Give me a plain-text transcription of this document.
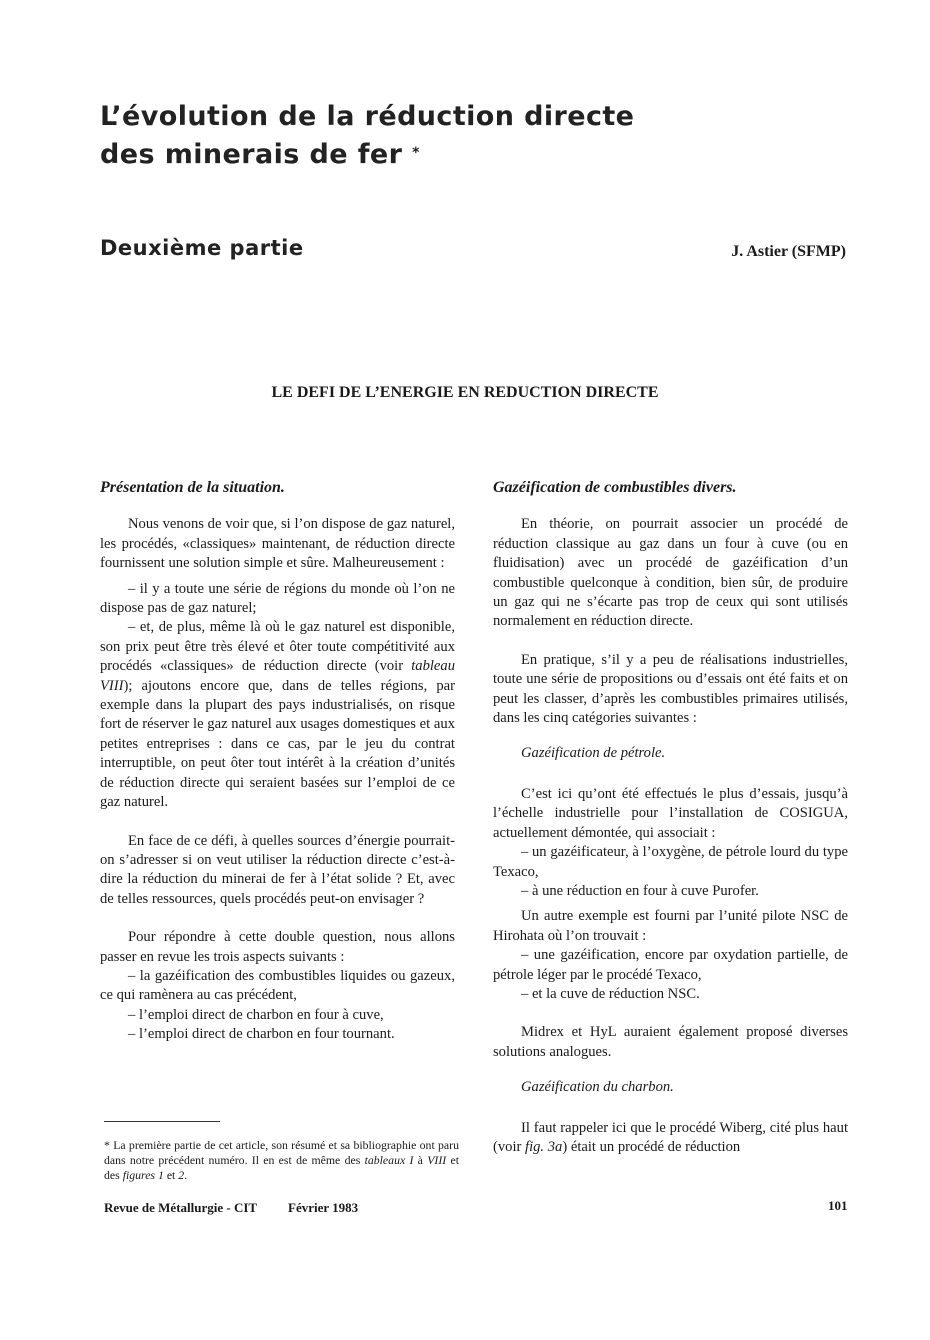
L’évolution de la réduction directe
des minerais de fer *
Deuxième partie	J. Astier (SFMP)
LE DEFI DE L’ENERGIE EN REDUCTION DIRECTE
Présentation de la situation.

Nous venons de voir que, si l’on dispose de gaz naturel, les procédés, «classiques» maintenant, de réduction directe fournissent une solution simple et sûre. Malheureusement :

– il y a toute une série de régions du monde où l’on ne dispose pas de gaz naturel;

– et, de plus, même là où le gaz naturel est disponible, son prix peut être très élevé et ôter toute compétitivité aux procédés «classiques» de réduction directe (voir tableau VIII); ajoutons encore que, dans de telles régions, par exemple dans la plupart des pays industrialisés, on risque fort de réserver le gaz naturel aux usages domestiques et aux petites entreprises : dans ce cas, par le jeu du contrat interruptible, on peut ôter tout intérêt à la création d’unités de réduction directe qui seraient basées sur l’emploi de ce gaz naturel.

En face de ce défi, à quelles sources d’énergie pourrait-on s’adresser si on veut utiliser la réduction directe c’est-à-dire la réduction du minerai de fer à l’état solide ? Et, avec de telles ressources, quels procédés peut-on envisager ?

Pour répondre à cette double question, nous allons passer en revue les trois aspects suivants :

– la gazéification des combustibles liquides ou gazeux, ce qui ramènera au cas précédent,

– l’emploi direct de charbon en four à cuve,

– l’emploi direct de charbon en four tournant.

* La première partie de cet article, son résumé et sa bibliographie ont paru dans notre précédent numéro. Il en est de même des tableaux I à VIII et des figures 1 et 2.
Gazéification de combustibles divers.

En théorie, on pourrait associer un procédé de réduction classique au gaz dans un four à cuve (ou en fluidisation) avec un procédé de gazéification d’un combustible quelconque à condition, bien sûr, de produire un gaz qui ne s’écarte pas trop de ceux qui sont utilisés normalement en réduction directe.

En pratique, s’il y a peu de réalisations industrielles, toute une série de propositions ou d’essais ont été faits et on peut les classer, d’après les combustibles primaires utilisés, dans les cinq catégories suivantes :

Gazéification de pétrole.

C’est ici qu’ont été effectués le plus d’essais, jusqu’à l’échelle industrielle pour l’installation de COSIGUA, actuellement démontée, qui associait :

– un gazéificateur, à l’oxygène, de pétrole lourd du type Texaco,

– à une réduction en four à cuve Purofer.

Un autre exemple est fourni par l’unité pilote NSC de Hirohata où l’on trouvait :

– une gazéification, encore par oxydation partielle, de pétrole léger par le procédé Texaco,

– et la cuve de réduction NSC.

Midrex et HyL auraient également proposé diverses solutions analogues.

Gazéification du charbon.

Il faut rappeler ici que le procédé Wiberg, cité plus haut (voir fig. 3a) était un procédé de réduction

Revue de Métallurgie - CIT Février 1983	101
